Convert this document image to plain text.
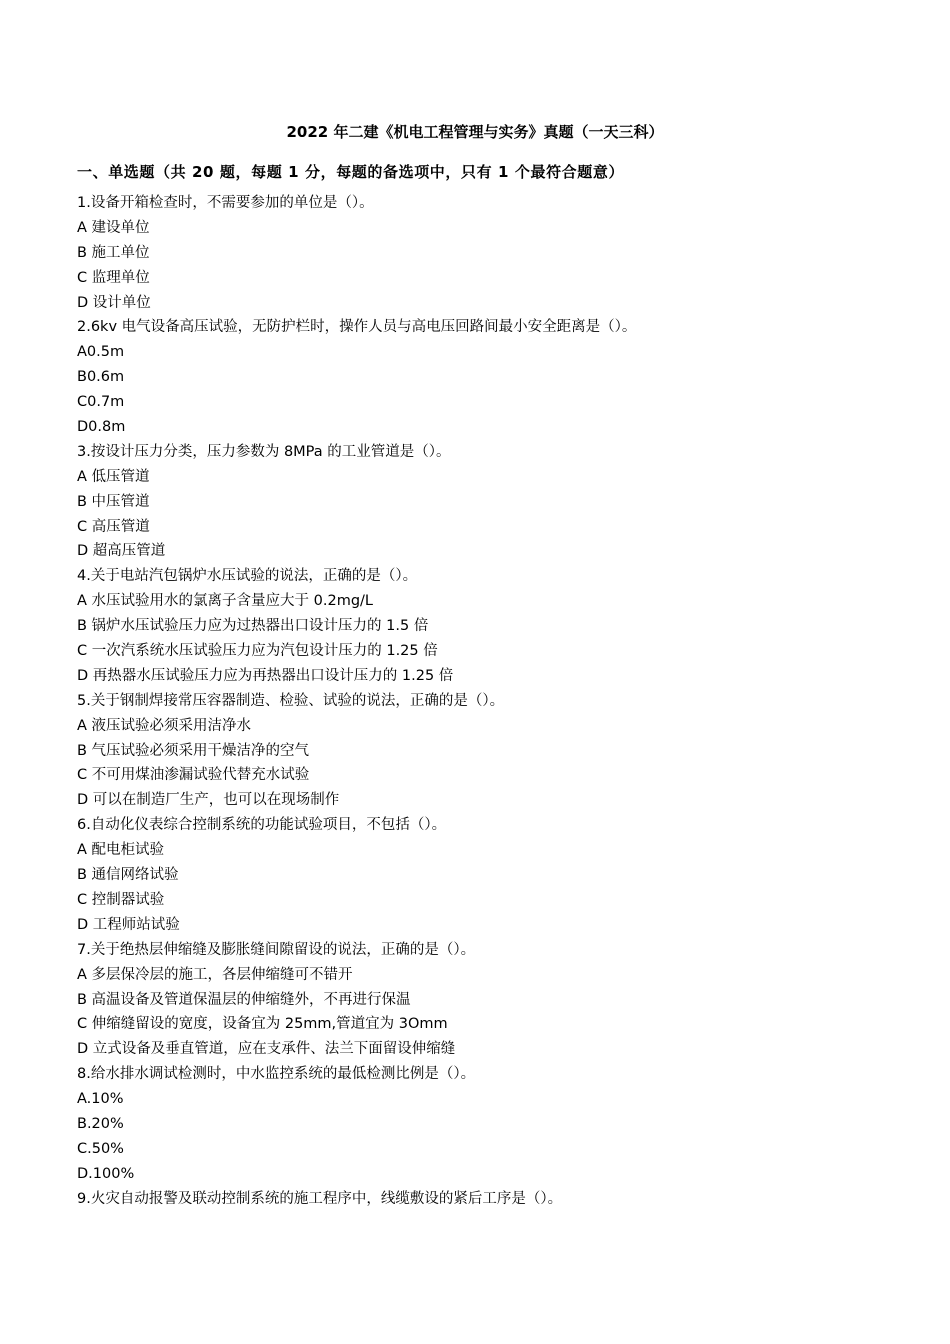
2022 年二建《机电工程管理与实务》真题（一天三科）
一、单选题（共 20 题，每题 1 分，每题的备选项中，只有 1 个最符合题意）
1.设备开箱检查时，不需要参加的单位是（）。
A 建设单位
B 施工单位
C 监理单位
D 设计单位
2.6kv 电气设备高压试验，无防护栏时，操作人员与高电压回路间最小安全距离是（）。
A0.5m
B0.6m
C0.7m
D0.8m
3.按设计压力分类，压力参数为 8MPa 的工业管道是（）。
A 低压管道
B 中压管道
C 高压管道
D 超高压管道
4.关于电站汽包锅炉水压试验的说法，正确的是（）。
A 水压试验用水的氯离子含量应大于 0.2mg/L
B 锅炉水压试验压力应为过热器出口设计压力的 1.5 倍
C 一次汽系统水压试验压力应为汽包设计压力的 1.25 倍
D 再热器水压试验压力应为再热器出口设计压力的 1.25 倍
5.关于钢制焊接常压容器制造、检验、试验的说法，正确的是（）。
A 液压试验必须采用洁净水
B 气压试验必须采用干燥洁净的空气
C 不可用煤油渗漏试验代替充水试验
D 可以在制造厂生产，也可以在现场制作
6.自动化仪表综合控制系统的功能试验项目，不包括（）。
A 配电柜试验
B 通信网络试验
C 控制器试验
D 工程师站试验
7.关于绝热层伸缩缝及膨胀缝间隙留设的说法，正确的是（）。
A 多层保冷层的施工，各层伸缩缝可不错开
B 高温设备及管道保温层的伸缩缝外，不再进行保温
C 伸缩缝留设的宽度，设备宜为 25mm,管道宜为 3Omm
D 立式设备及垂直管道，应在支承件、法兰下面留设伸缩缝
8.给水排水调试检测时，中水监控系统的最低检测比例是（）。
A.10%
B.20%
C.50%
D.100%
9.火灾自动报警及联动控制系统的施工程序中，线缆敷设的紧后工序是（）。
